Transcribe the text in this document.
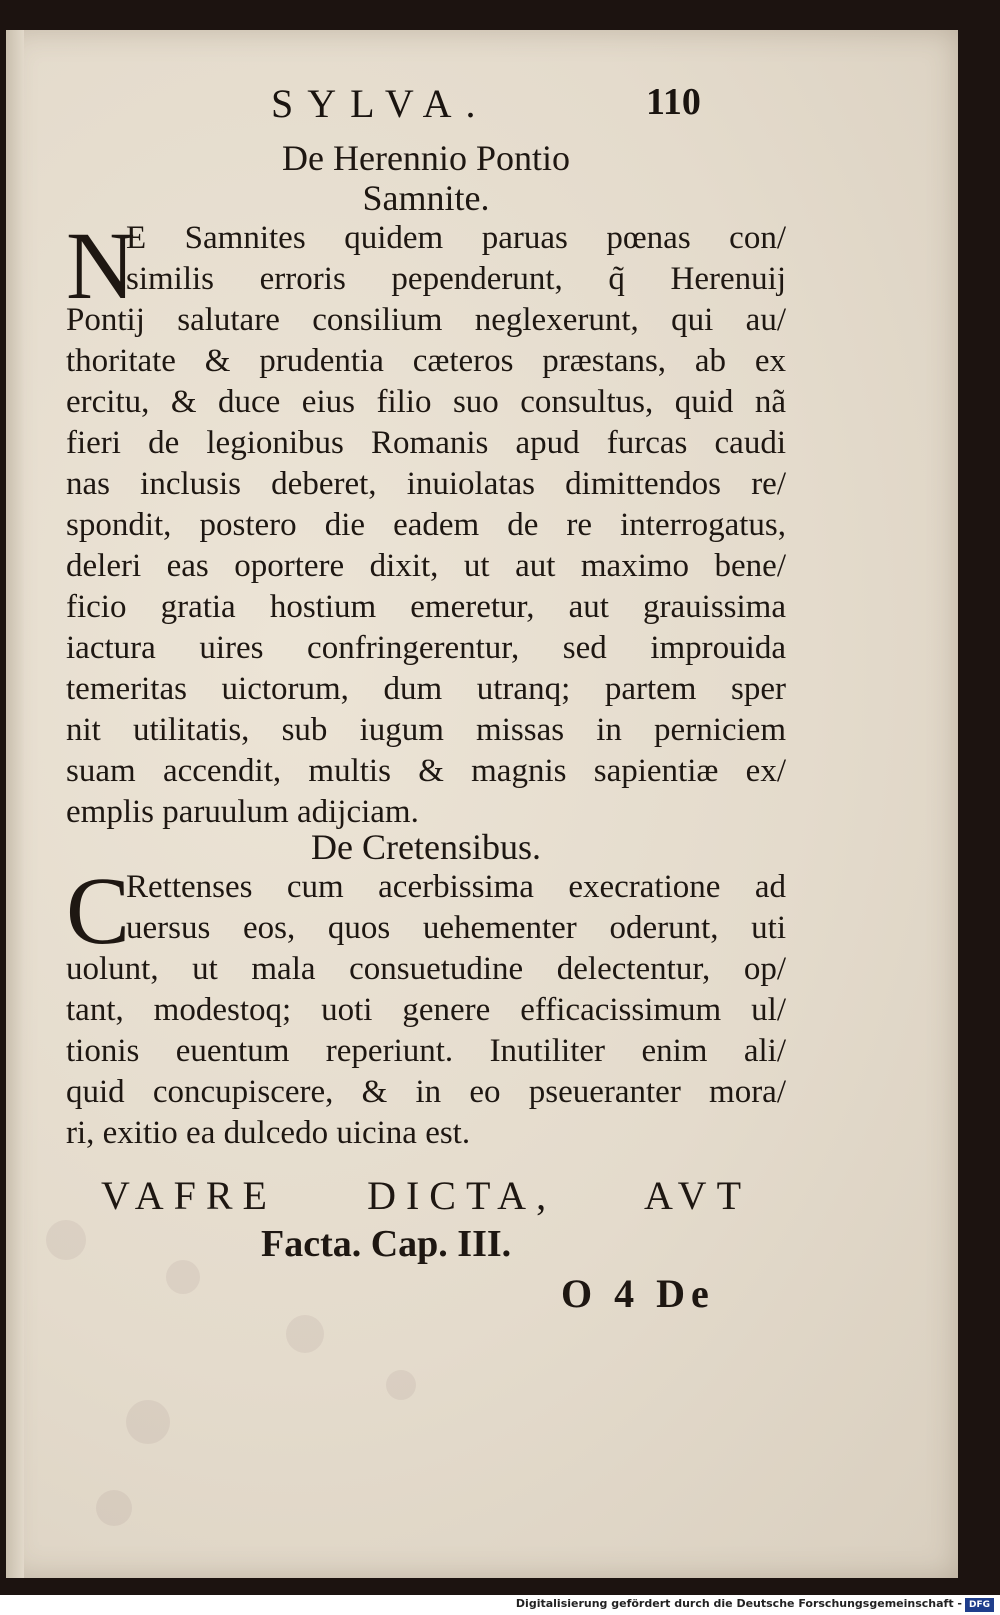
SYLVA.	110

De Herennio Pontio
Samnite.

N
E Samnites quidem paruas pœnas con/
similis erroris pependerunt, q̃ Herenuij
Pontij salutare consilium neglexerunt, qui au/
thoritate & prudentia cæteros præstans, ab ex
ercitu, & duce eius filio suo consultus, quid nã
fieri de legionibus Romanis apud furcas caudi
nas inclusis deberet, inuiolatas dimittendos re/
spondit, postero die eadem de re interrogatus,
deleri eas oportere dixit, ut aut maximo bene/
ficio gratia hostium emeretur, aut grauissima
iactura uires confringerentur, sed improuida
temeritas uictorum, dum utranq; partem sper
nit utilitatis, sub iugum missas in perniciem
suam accendit, multis & magnis sapientiæ ex/
emplis paruulum adijciam.

De Cretensibus.

C
Rettenses cum acerbissima execratione ad
uersus eos, quos uehementer oderunt, uti
uolunt, ut mala consuetudine delectentur, op/
tant, modestoq; uoti genere efficacissimum ul/
tionis euentum reperiunt. Inutiliter enim ali/
quid concupiscere, & in eo pseueranter mora/
ri, exitio ea dulcedo uicina est.
VAFRE DICTA, AVT
Facta. Cap. III.
O 4 De
Digitalisierung gefördert durch die Deutsche Forschungsgemeinschaft - DFG
